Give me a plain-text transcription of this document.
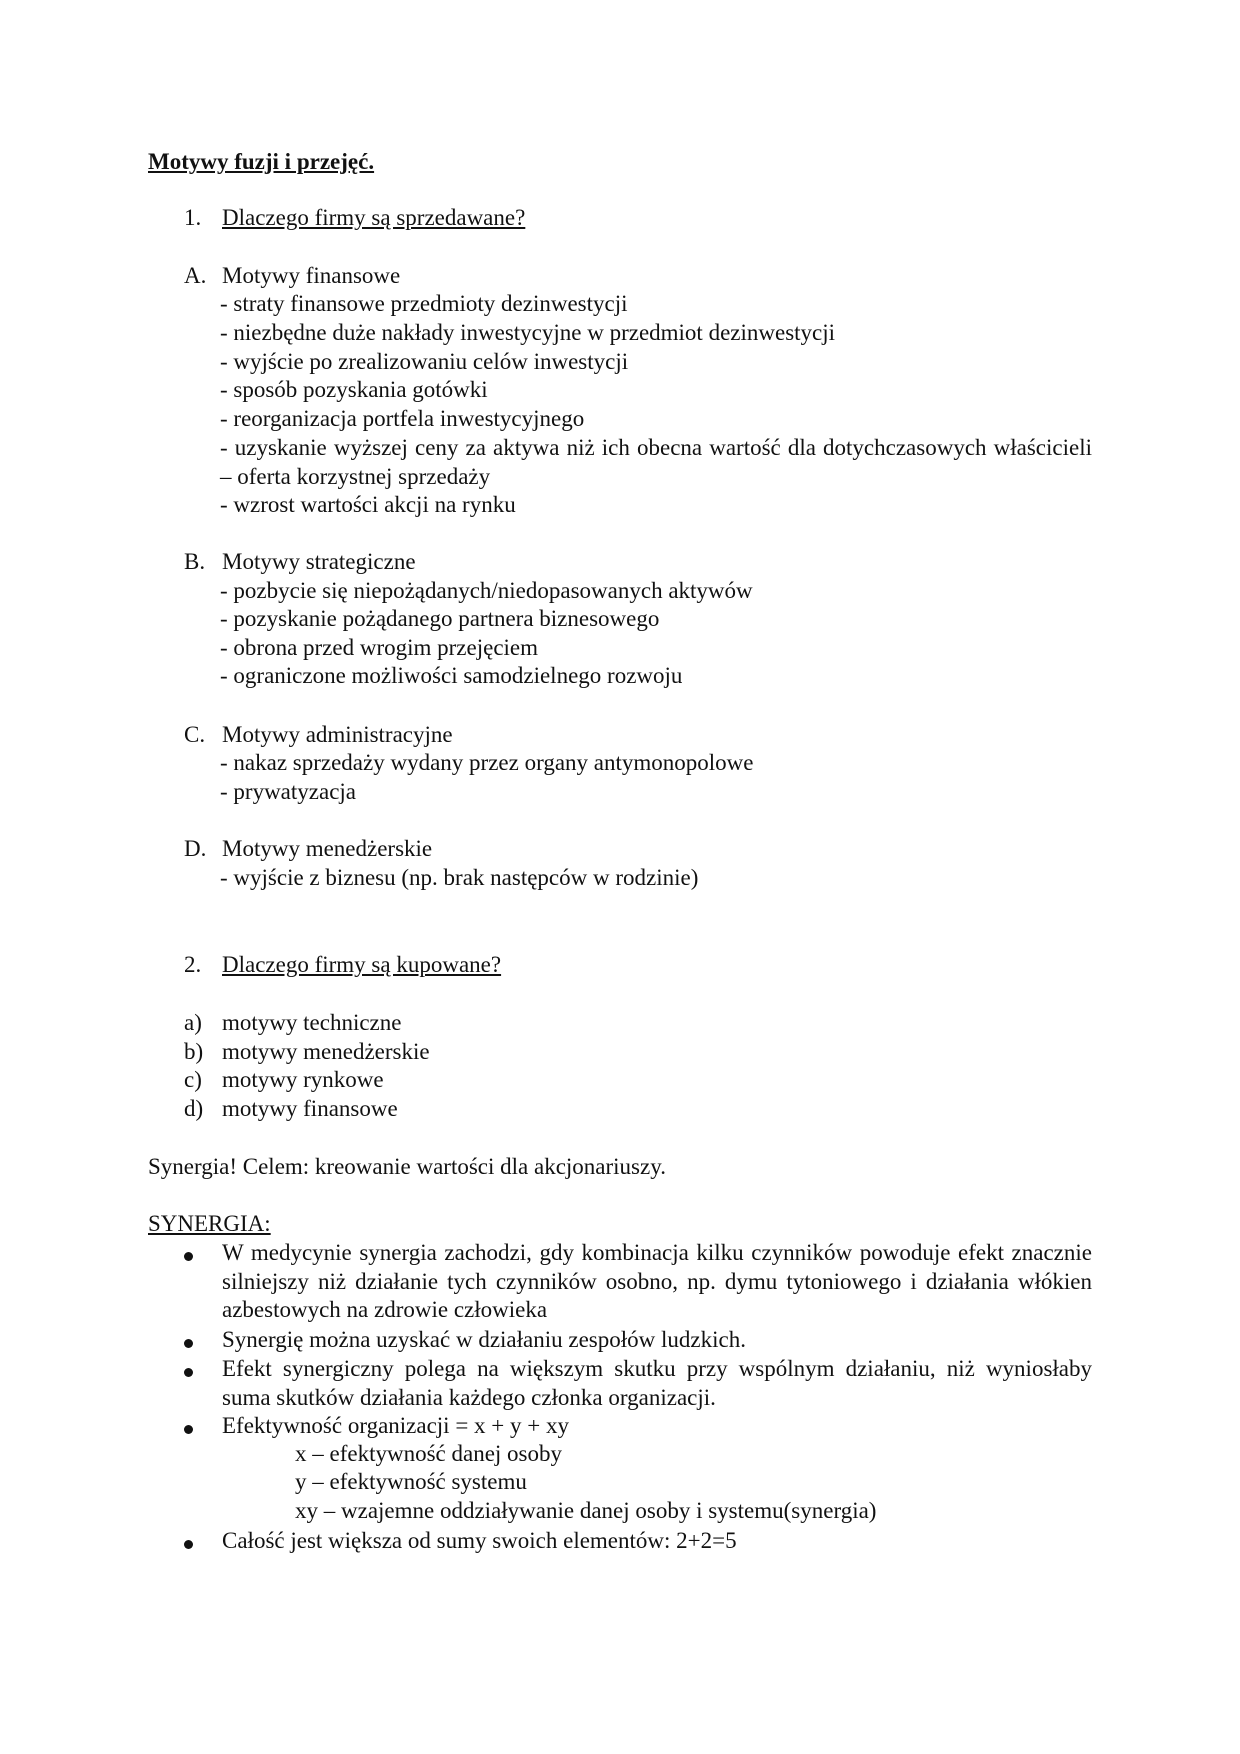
Motywy fuzji i przejęć.
1. Dlaczego firmy są sprzedawane?
A. Motywy finansowe
- straty finansowe przedmioty dezinwestycji
- niezbędne duże nakłady inwestycyjne w przedmiot dezinwestycji
- wyjście po zrealizowaniu celów inwestycji
- sposób pozyskania gotówki
- reorganizacja portfela inwestycyjnego
- uzyskanie wyższej ceny za aktywa niż ich obecna wartość dla dotychczasowych właścicieli – oferta korzystnej sprzedaży
- wzrost wartości akcji na rynku
B. Motywy strategiczne
- pozbycie się niepożądanych/niedopasowanych aktywów
- pozyskanie pożądanego partnera biznesowego
- obrona przed wrogim przejęciem
- ograniczone możliwości samodzielnego rozwoju
C. Motywy administracyjne
- nakaz sprzedaży wydany przez organy antymonopolowe
- prywatyzacja
D. Motywy menedżerskie
- wyjście z biznesu (np. brak następców w rodzinie)
2. Dlaczego firmy są kupowane?
a) motywy techniczne
b) motywy menedżerskie
c) motywy rynkowe
d) motywy finansowe
Synergia! Celem: kreowanie wartości dla akcjonariuszy.
SYNERGIA:
W medycynie synergia zachodzi, gdy kombinacja kilku czynników powoduje efekt znacznie silniejszy niż działanie tych czynników osobno, np. dymu tytoniowego i działania włókien azbestowych na zdrowie człowieka
Synergię można uzyskać w działaniu zespołów ludzkich.
Efekt synergiczny polega na większym skutku przy wspólnym działaniu, niż wyniosłaby suma skutków działania każdego członka organizacji.
Efektywność organizacji = x + y + xy
x – efektywność danej osoby
y – efektywność systemu
xy – wzajemne oddziaływanie danej osoby i systemu(synergia)
Całość jest większa od sumy swoich elementów: 2+2=5
